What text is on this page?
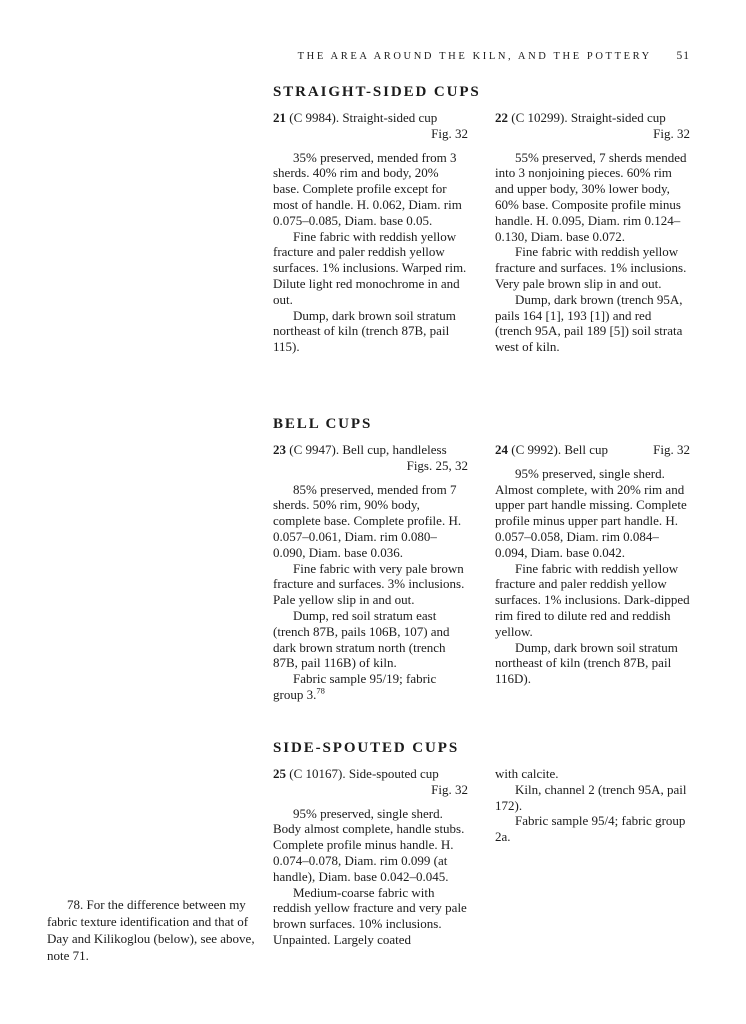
THE AREA AROUND THE KILN, AND THE POTTERY	51
STRAIGHT-SIDED CUPS
21 (C 9984). Straight-sided cup
Fig. 32

35% preserved, mended from 3 sherds. 40% rim and body, 20% base. Complete profile except for most of handle. H. 0.062, Diam. rim 0.075–0.085, Diam. base 0.05.

Fine fabric with reddish yellow fracture and paler reddish yellow surfaces. 1% inclusions. Warped rim. Dilute light red monochrome in and out.

Dump, dark brown soil stratum northeast of kiln (trench 87B, pail 115).

22 (C 10299). Straight-sided cup
Fig. 32

55% preserved, 7 sherds mended into 3 nonjoining pieces. 60% rim and upper body, 30% lower body, 60% base. Composite profile minus handle. H. 0.095, Diam. rim 0.124–0.130, Diam. base 0.072.

Fine fabric with reddish yellow fracture and surfaces. 1% inclusions. Very pale brown slip in and out.

Dump, dark brown (trench 95A, pails 164 [1], 193 [1]) and red (trench 95A, pail 189 [5]) soil strata west of kiln.

BELL CUPS
23 (C 9947). Bell cup, handleless
Figs. 25, 32

85% preserved, mended from 7 sherds. 50% rim, 90% body, complete base. Complete profile. H. 0.057–0.061, Diam. rim 0.080–0.090, Diam. base 0.036.

Fine fabric with very pale brown fracture and surfaces. 3% inclusions. Pale yellow slip in and out.

Dump, red soil stratum east (trench 87B, pails 106B, 107) and dark brown stratum north (trench 87B, pail 116B) of kiln.

Fabric sample 95/19; fabric group 3.78

24 (C 9992). Bell cup	Fig. 32

95% preserved, single sherd. Almost complete, with 20% rim and upper part handle missing. Complete profile minus upper part handle. H. 0.057–0.058, Diam. rim 0.084–0.094, Diam. base 0.042.

Fine fabric with reddish yellow fracture and paler reddish yellow surfaces. 1% inclusions. Dark-dipped rim fired to dilute red and reddish yellow.

Dump, dark brown soil stratum northeast of kiln (trench 87B, pail 116D).

SIDE-SPOUTED CUPS
25 (C 10167). Side-spouted cup
Fig. 32

95% preserved, single sherd. Body almost complete, handle stubs. Complete profile minus handle. H. 0.074–0.078, Diam. rim 0.099 (at handle), Diam. base 0.042–0.045.

Medium-coarse fabric with reddish yellow fracture and very pale brown surfaces. 10% inclusions. Unpainted. Largely coated

with calcite.

Kiln, channel 2 (trench 95A, pail 172).

Fabric sample 95/4; fabric group 2a.

78. For the difference between my fabric texture identification and that of Day and Kilikoglou (below), see above, note 71.
